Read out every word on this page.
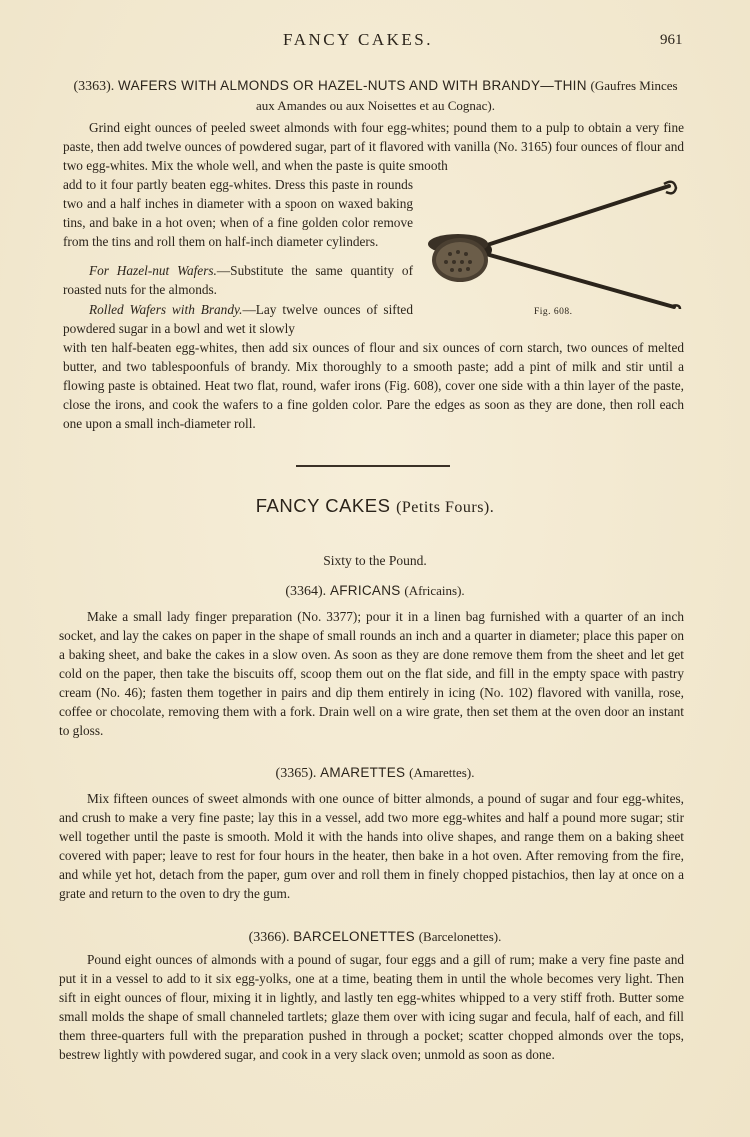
FANCY CAKES.	961
(3363). WAFERS WITH ALMONDS OR HAZEL-NUTS AND WITH BRANDY—THIN (Gaufres Minces aux Amandes ou aux Noisettes et au Cognac).

Grind eight ounces of peeled sweet almonds with four egg-whites; pound them to a pulp to obtain a very fine paste, then add twelve ounces of powdered sugar, part of it flavored with vanilla (No. 3165) four ounces of flour and two egg-whites. Mix the whole well, and when the paste is quite smooth

add to it four partly beaten egg-whites. Dress this paste in rounds two and a half inches in diameter with a spoon on waxed baking tins, and bake in a hot oven; when of a fine golden color remove from the tins and roll them on half-inch diameter cylinders.

For Hazel-nut Wafers.—Substitute the same quantity of roasted nuts for the almonds.

Rolled Wafers with Brandy.—Lay twelve ounces of sifted powdered sugar in a bowl and wet it slowly

with ten half-beaten egg-whites, then add six ounces of flour and six ounces of corn starch, two ounces of melted butter, and two tablespoonfuls of brandy. Mix thoroughly to a smooth paste; add a pint of milk and stir until a flowing paste is obtained. Heat two flat, round, wafer irons (Fig. 608), cover one side with a thin layer of the paste, close the irons, and cook the wafers to a fine golden color. Pare the edges as soon as they are done, then roll each one upon a small inch-diameter roll.

Fig. 608.
FANCY CAKES (Petits Fours).
Sixty to the Pound.
(3364). AFRICANS (Africains).

Make a small lady finger preparation (No. 3377); pour it in a linen bag furnished with a quarter of an inch socket, and lay the cakes on paper in the shape of small rounds an inch and a quarter in diameter; place this paper on a baking sheet, and bake the cakes in a slow oven. As soon as they are done remove them from the sheet and let get cold on the paper, then take the biscuits off, scoop them out on the flat side, and fill in the empty space with pastry cream (No. 46); fasten them together in pairs and dip them entirely in icing (No. 102) flavored with vanilla, rose, coffee or chocolate, removing them with a fork. Drain well on a wire grate, then set them at the oven door an instant to gloss.

(3365). AMARETTES (Amarettes).

Mix fifteen ounces of sweet almonds with one ounce of bitter almonds, a pound of sugar and four egg-whites, and crush to make a very fine paste; lay this in a vessel, add two more egg-whites and half a pound more sugar; stir well together until the paste is smooth. Mold it with the hands into olive shapes, and range them on a baking sheet covered with paper; leave to rest for four hours in the heater, then bake in a hot oven. After removing from the fire, and while yet hot, detach from the paper, gum over and roll them in finely chopped pistachios, then lay at once on a grate and return to the oven to dry the gum.

(3366). BARCELONETTES (Barcelonettes).

Pound eight ounces of almonds with a pound of sugar, four eggs and a gill of rum; make a very fine paste and put it in a vessel to add to it six egg-yolks, one at a time, beating them in until the whole becomes very light. Then sift in eight ounces of flour, mixing it in lightly, and lastly ten egg-whites whipped to a very stiff froth. Butter some small molds the shape of small channeled tartlets; glaze them over with icing sugar and fecula, half of each, and fill them three-quarters full with the preparation pushed in through a pocket; scatter chopped almonds over the tops, bestrew lightly with powdered sugar, and cook in a very slack oven; unmold as soon as done.
